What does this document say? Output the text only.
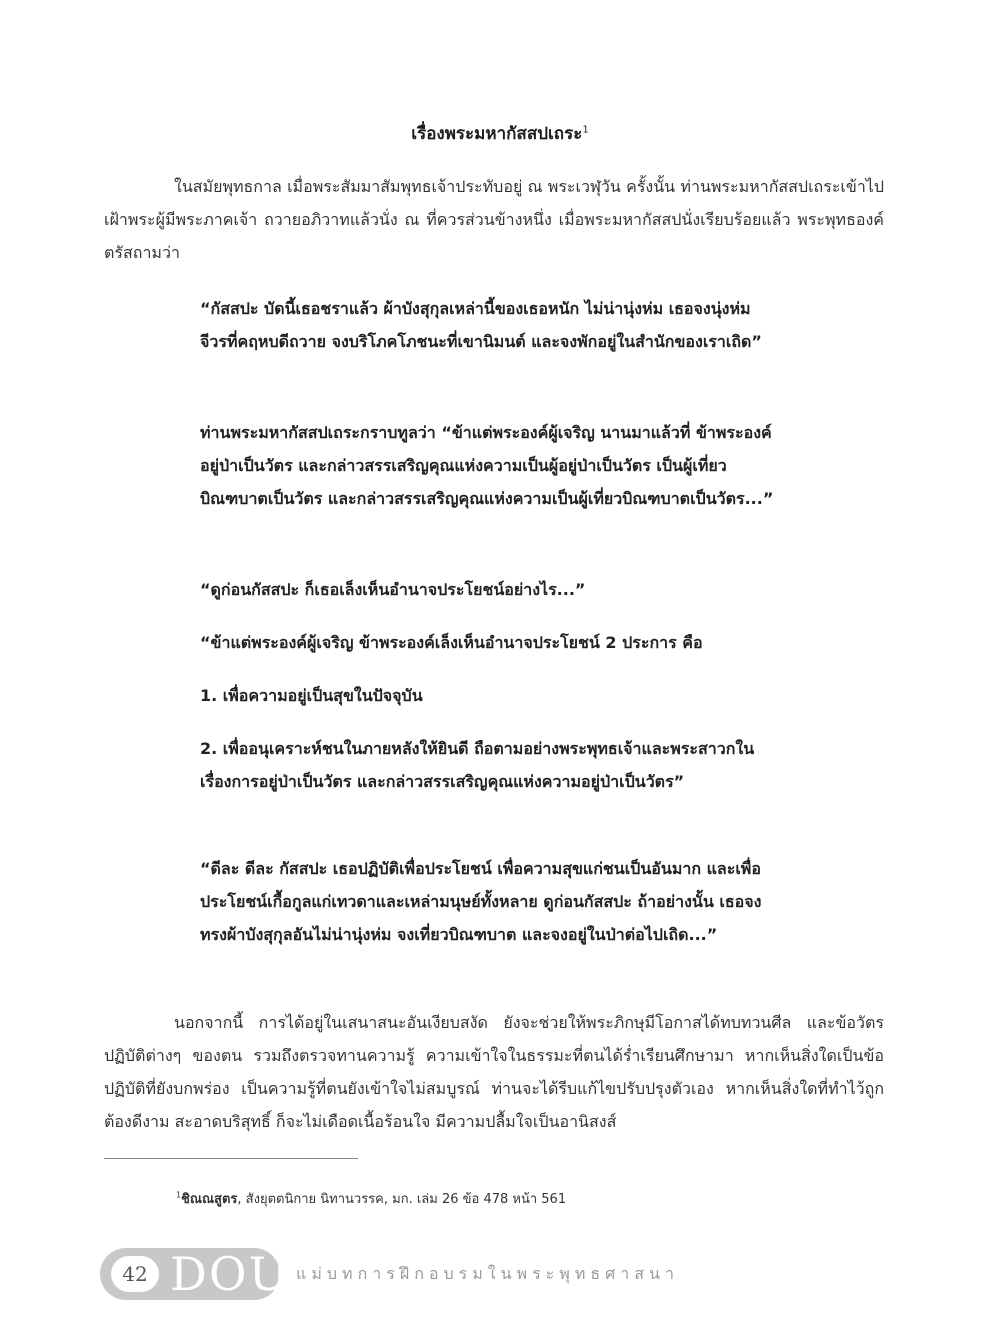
เรื่องพระมหากัสสปเถระ$^1$
ในสมัยพุทธกาล เมื่อพระสัมมาสัมพุทธเจ้าประทับอยู่ ณ พระเวฬุวัน ครั้งนั้น ท่านพระมหากัสสปเถระเข้าไปเฝ้าพระผู้มีพระภาคเจ้า ถวายอภิวาทแล้วนั่ง ณ ที่ควรส่วนข้างหนึ่ง เมื่อพระมหากัสสปนั่งเรียบร้อยแล้ว พระพุทธองค์ตรัสถามว่า
“กัสสปะ บัดนี้เธอชราแล้ว ผ้าบังสุกุลเหล่านี้ของเธอหนัก ไม่น่านุ่งห่ม เธอจงนุ่งห่มจีวรที่คฤหบดีถวาย จงบริโภคโภชนะที่เขานิมนต์ และจงพักอยู่ในสำนักของเราเถิด”
ท่านพระมหากัสสปเถระกราบทูลว่า “ข้าแต่พระองค์ผู้เจริญ นานมาแล้วที่ ข้าพระองค์อยู่ป่าเป็นวัตร และกล่าวสรรเสริญคุณแห่งความเป็นผู้อยู่ป่าเป็นวัตร เป็นผู้เที่ยวบิณฑบาตเป็นวัตร และกล่าวสรรเสริญคุณแห่งความเป็นผู้เที่ยวบิณฑบาตเป็นวัตร...”
“ดูก่อนกัสสปะ ก็เธอเล็งเห็นอำนาจประโยชน์อย่างไร...”
“ข้าแต่พระองค์ผู้เจริญ ข้าพระองค์เล็งเห็นอำนาจประโยชน์ 2 ประการ คือ
1. เพื่อความอยู่เป็นสุขในปัจจุบัน
2. เพื่ออนุเคราะห์ชนในภายหลังให้ยินดี ถือตามอย่างพระพุทธเจ้าและพระสาวกในเรื่องการอยู่ป่าเป็นวัตร และกล่าวสรรเสริญคุณแห่งความอยู่ป่าเป็นวัตร”
“ดีละ ดีละ กัสสปะ เธอปฏิบัติเพื่อประโยชน์ เพื่อความสุขแก่ชนเป็นอันมาก และเพื่อประโยชน์เกื้อกูลแก่เทวดาและเหล่ามนุษย์ทั้งหลาย ดูก่อนกัสสปะ ถ้าอย่างนั้น เธอจงทรงผ้าบังสุกุลอันไม่น่านุ่งห่ม จงเที่ยวบิณฑบาต และจงอยู่ในป่าต่อไปเถิด...”
นอกจากนี้ การได้อยู่ในเสนาสนะอันเงียบสงัด ยังจะช่วยให้พระภิกษุมีโอกาสได้ทบทวนศีล และข้อวัตรปฏิบัติต่างๆ ของตน รวมถึงตรวจทานความรู้ ความเข้าใจในธรรมะที่ตนได้ร่ำเรียนศึกษามา หากเห็นสิ่งใดเป็นข้อปฏิบัติที่ยังบกพร่อง เป็นความรู้ที่ตนยังเข้าใจไม่สมบูรณ์ ท่านจะได้รีบแก้ไขปรับปรุงตัวเอง หากเห็นสิ่งใดที่ทำไว้ถูกต้องดีงาม สะอาดบริสุทธิ์ ก็จะไม่เดือดเนื้อร้อนใจ มีความปลื้มใจเป็นอานิสงส์
$^1$ชิณณสูตร, สังยุตตนิกาย นิทานวรรค, มก. เล่ม 26 ข้อ 478 หน้า 561
42 DOU แม่บทการฝึกอบรมในพระพุทธศาสนา
